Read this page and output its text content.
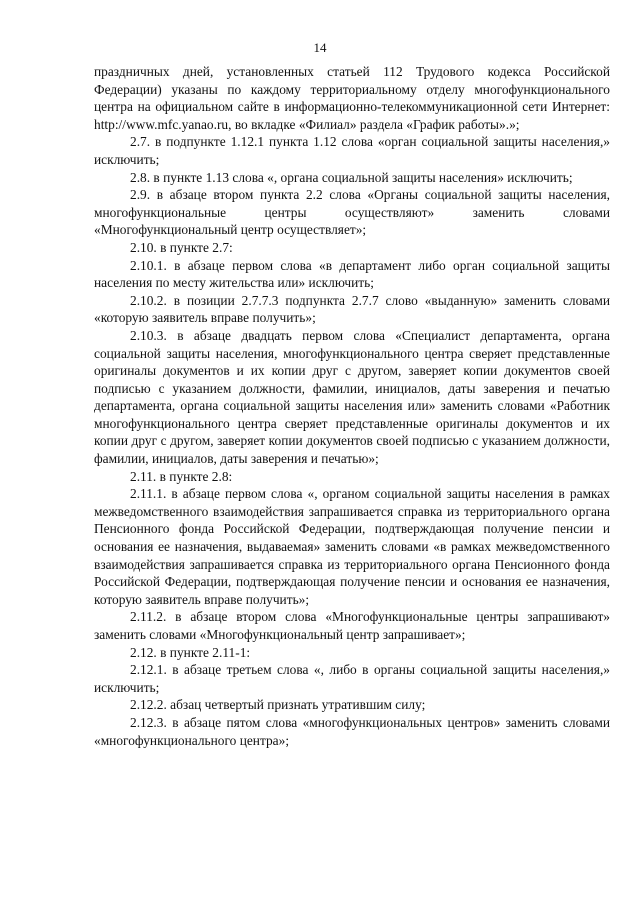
14

праздничных дней, установленных статьей 112 Трудового кодекса Российской Федерации) указаны по каждому территориальному отделу многофункционального центра на официальном сайте в информационно-телекоммуникационной сети Интернет: http://www.mfc.yanao.ru, во вкладке «Филиал» раздела «График работы».»;

2.7. в подпункте 1.12.1 пункта 1.12 слова «орган социальной защиты населения,» исключить;

2.8. в пункте 1.13 слова «, органа социальной защиты населения» исключить;

2.9. в абзаце втором пункта 2.2 слова «Органы социальной защиты населения, многофункциональные центры осуществляют» заменить словами «Многофункциональный центр осуществляет»;

2.10. в пункте 2.7:

2.10.1. в абзаце первом слова «в департамент либо орган социальной защиты населения по месту жительства или» исключить;

2.10.2. в позиции 2.7.7.3 подпункта 2.7.7 слово «выданную» заменить словами «которую заявитель вправе получить»;

2.10.3. в абзаце двадцать первом слова «Специалист департамента, органа социальной защиты населения, многофункционального центра сверяет представленные оригиналы документов и их копии друг с другом, заверяет копии документов своей подписью с указанием должности, фамилии, инициалов, даты заверения и печатью департамента, органа социальной защиты населения или» заменить словами «Работник многофункционального центра сверяет представленные оригиналы документов и их копии друг с другом, заверяет копии документов своей подписью с указанием должности, фамилии, инициалов, даты заверения и печатью»;

2.11. в пункте 2.8:

2.11.1. в абзаце первом слова «, органом социальной защиты населения в рамках межведомственного взаимодействия запрашивается справка из территориального органа Пенсионного фонда Российской Федерации, подтверждающая получение пенсии и основания ее назначения, выдаваемая» заменить словами «в рамках межведомственного взаимодействия запрашивается справка из территориального органа Пенсионного фонда Российской Федерации, подтверждающая получение пенсии и основания ее назначения, которую заявитель вправе получить»;

2.11.2. в абзаце втором слова «Многофункциональные центры запрашивают» заменить словами «Многофункциональный центр запрашивает»;

2.12. в пункте 2.11-1:

2.12.1. в абзаце третьем слова «, либо в органы социальной защиты населения,» исключить;

2.12.2. абзац четвертый признать утратившим силу;

2.12.3. в абзаце пятом слова «многофункциональных центров» заменить словами «многофункционального центра»;
